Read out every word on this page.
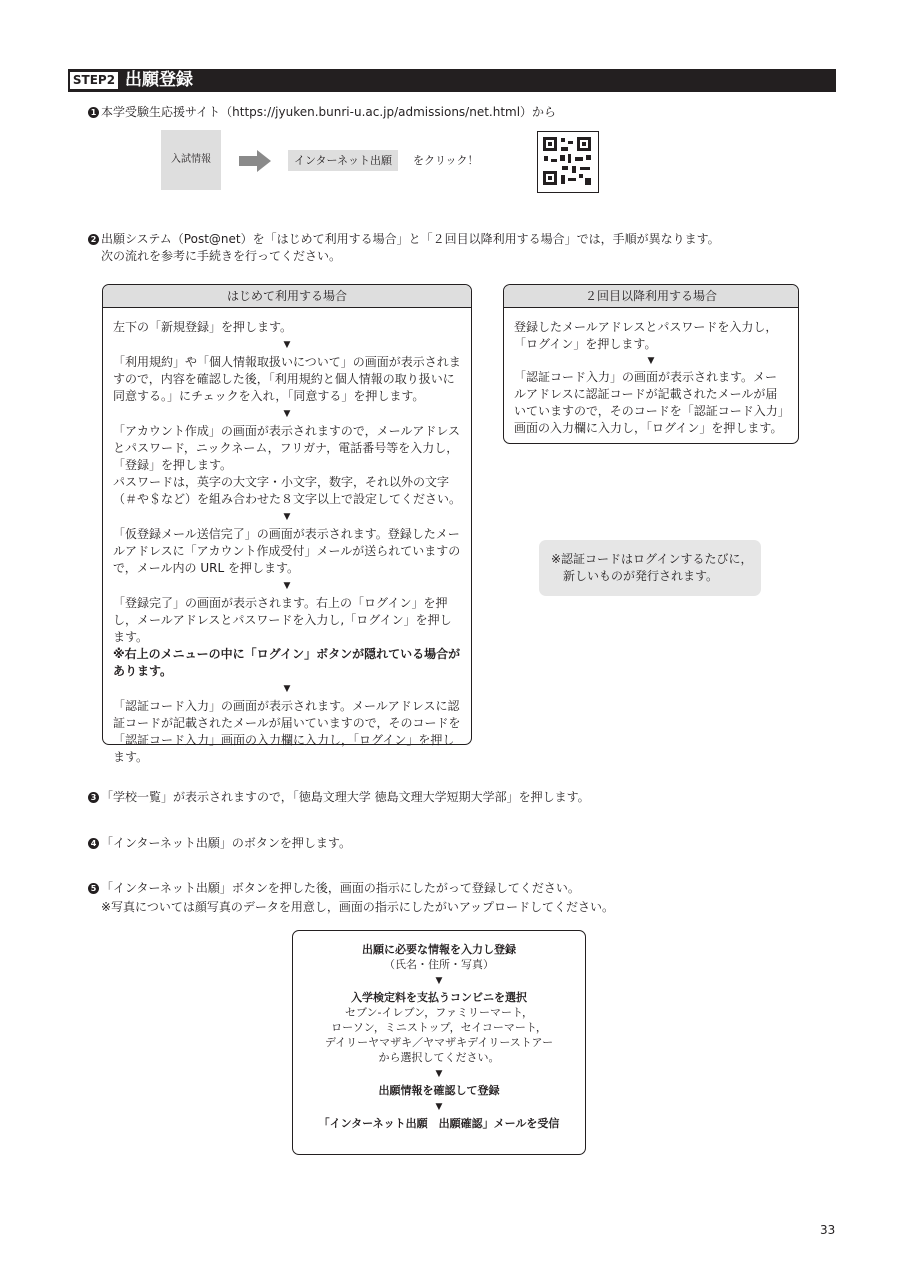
STEP2 出願登録
1 本学受験生応援サイト（https://jyuken.bunri-u.ac.jp/admissions/net.html）から
入試情報	インターネット出願	をクリック！
2 出願システム（Post@net）を「はじめて利用する場合」と「２回目以降利用する場合」では，手順が異なります。
次の流れを参考に手続きを行ってください。
はじめて利用する場合
左下の「新規登録」を押します。
▼
「利用規約」や「個人情報取扱いについて」の画面が表示されますので，内容を確認した後，「利用規約と個人情報の取り扱いに同意する。」にチェックを入れ，「同意する」を押します。
▼
「アカウント作成」の画面が表示されますので，メールアドレスとパスワード，ニックネーム，フリガナ，電話番号等を入力し，「登録」を押します。
パスワードは，英字の大文字・小文字，数字，それ以外の文字（＃や＄など）を組み合わせた８文字以上で設定してください。
▼
「仮登録メール送信完了」の画面が表示されます。登録したメールアドレスに「アカウント作成受付」メールが送られていますので，メール内の URL を押します。
▼
「登録完了」の画面が表示されます。右上の「ログイン」を押し，メールアドレスとパスワードを入力し,「ログイン」を押します。
※右上のメニューの中に「ログイン」ボタンが隠れている場合があります。
▼
「認証コード入力」の画面が表示されます。メールアドレスに認証コードが記載されたメールが届いていますので，そのコードを「認証コード入力」画面の入力欄に入力し，「ログイン」を押します。
２回目以降利用する場合
登録したメールアドレスとパスワードを入力し，「ログイン」を押します。
▼
「認証コード入力」の画面が表示されます。メールアドレスに認証コードが記載されたメールが届いていますので，そのコードを「認証コード入力」画面の入力欄に入力し，「ログイン」を押します。
※認証コードはログインするたびに，
新しいものが発行されます。
3 「学校一覧」が表示されますので，「徳島文理大学 徳島文理大学短期大学部」を押します。
4 「インターネット出願」のボタンを押します。
5 「インターネット出願」ボタンを押した後，画面の指示にしたがって登録してください。
※写真については顔写真のデータを用意し，画面の指示にしたがいアップロードしてください。
出願に必要な情報を入力し登録
（氏名・住所・写真）
▼
入学検定料を支払うコンビニを選択
セブン‐イレブン，ファミリーマート，
ローソン，ミニストップ，セイコーマート，
デイリーヤマザキ／ヤマザキデイリーストアー
から選択してください。
▼
出願情報を確認して登録
▼
「インターネット出願　出願確認」メールを受信
33
